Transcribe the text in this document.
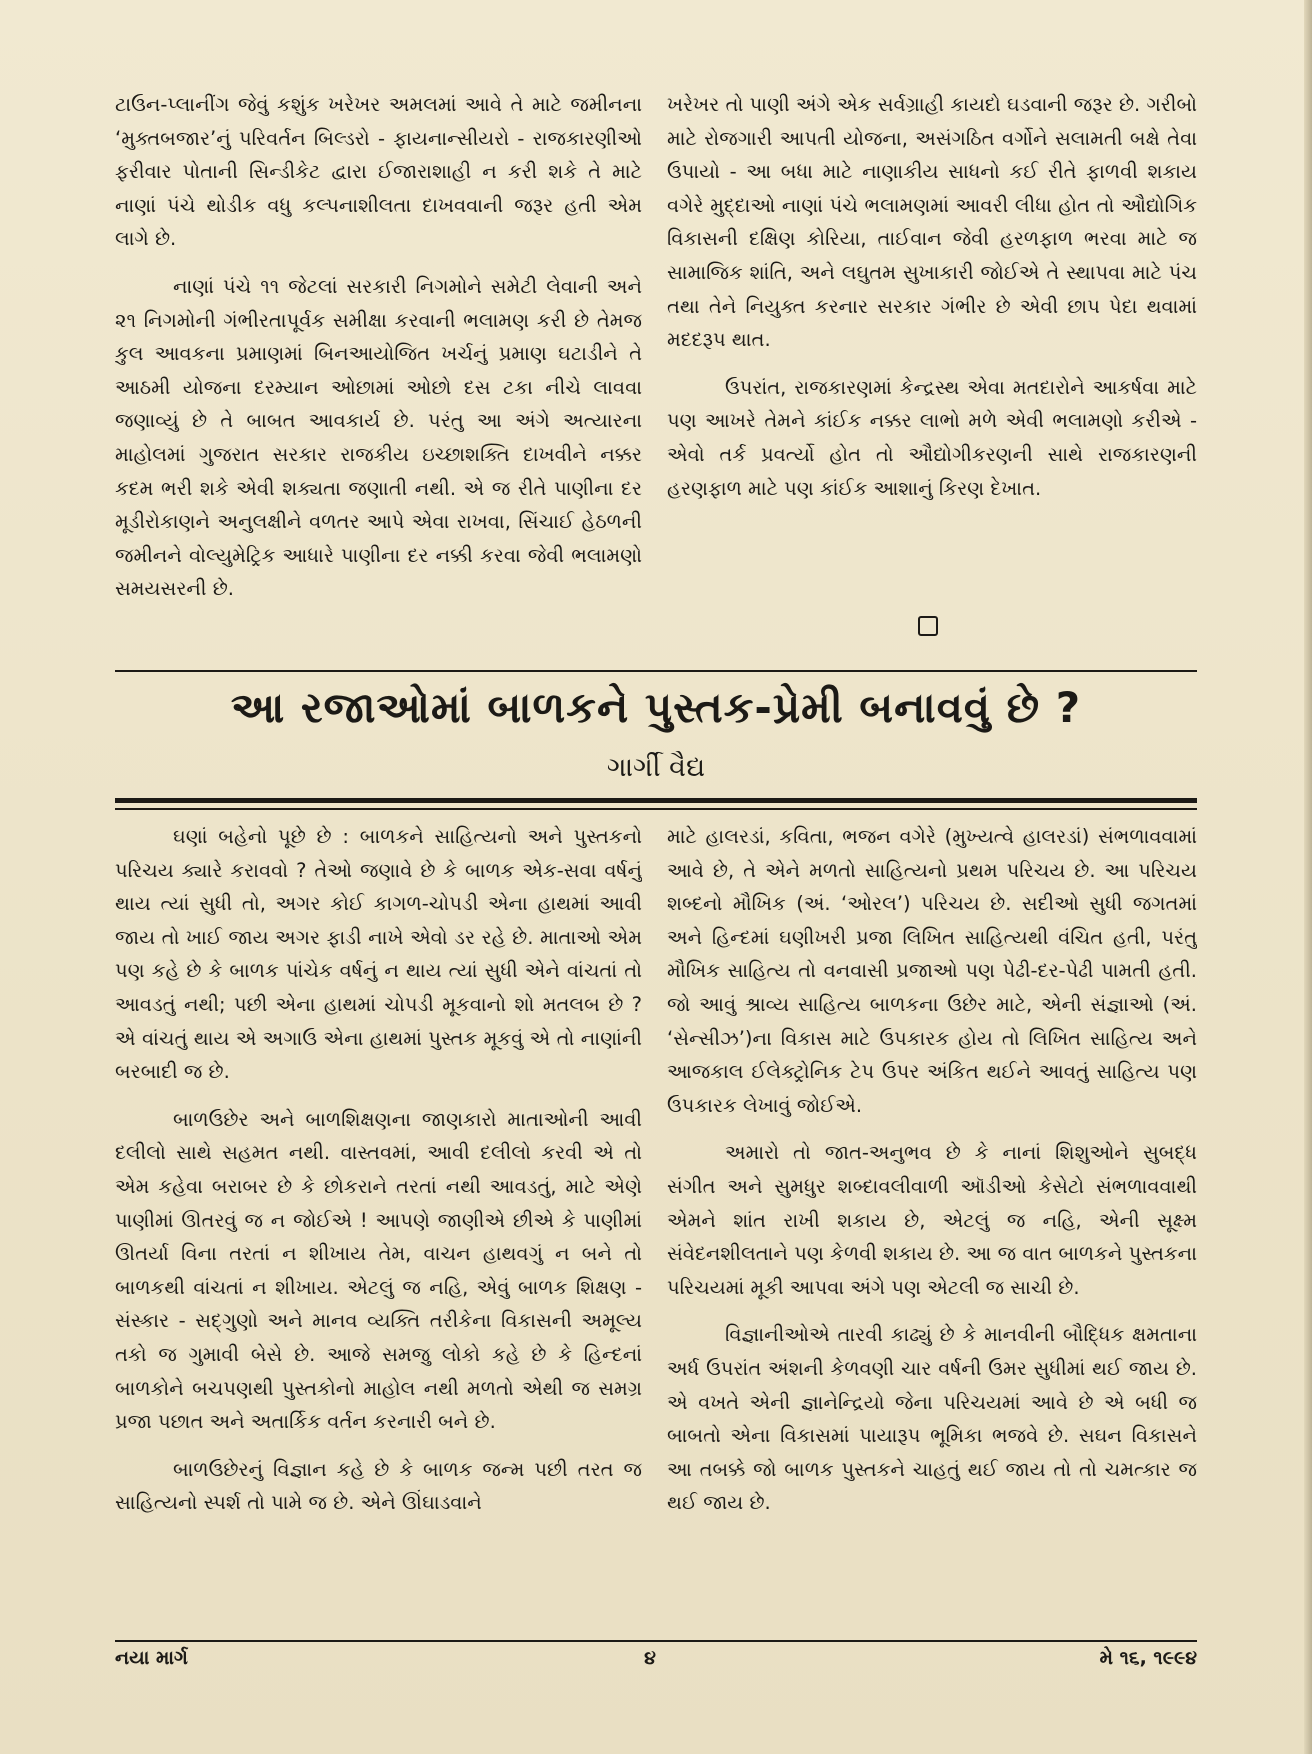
ટાઉન-પ્લાનીંગ જેવું કશુંક ખરેખર અમલમાં આવે તે માટે જમીનના ‘મુક્તબજાર’નું પરિવર્તન બિલ્ડરો - ફાયનાન્સીયરો - રાજકારણીઓ ફરીવાર પોતાની સિન્ડીકેટ દ્વારા ઈજારાશાહી ન કરી શકે તે માટે નાણાં પંચે થોડીક વધુ કલ્પનાશીલતા દાખવવાની જરૂર હતી એમ લાગે છે.

નાણાં પંચે ૧૧ જેટલાં સરકારી નિગમોને સમેટી લેવાની અને ૨૧ નિગમોની ગંભીરતાપૂર્વક સમીક્ષા કરવાની ભલામણ કરી છે તેમજ કુલ આવકના પ્રમાણમાં બિનઆયોજિત ખર્ચનું પ્રમાણ ઘટાડીને તે આઠમી યોજના દરમ્યાન ઓછામાં ઓછો દસ ટકા નીચે લાવવા જણાવ્યું છે તે બાબત આવકાર્ય છે. પરંતુ આ અંગે અત્યારના માહોલમાં ગુજરાત સરકાર રાજકીય ઇચ્છાશક્તિ દાખવીને નક્કર કદમ ભરી શકે એવી શક્યતા જણાતી નથી. એ જ રીતે પાણીના દર મૂડીરોકાણને અનુલક્ષીને વળતર આપે એવા રાખવા, સિંચાઈ હેઠળની જમીનને વોલ્યુમેટ્રિક આધારે પાણીના દર નક્કી કરવા જેવી ભલામણો સમયસરની છે.

ખરેખર તો પાણી અંગે એક સર્વગ્રાહી કાયદો ઘડવાની જરૂર છે. ગરીબો માટે રોજગારી આપતી યોજના, અસંગઠિત વર્ગોને સલામતી બક્ષે તેવા ઉપાયો - આ બધા માટે નાણાકીય સાધનો કઈ રીતે ફાળવી શકાય વગેરે મુદ્દાઓ નાણાં પંચે ભલામણમાં આવરી લીધા હોત તો ઔદ્યોગિક વિકાસની દક્ષિણ કોરિયા, તાઈવાન જેવી હરળફાળ ભરવા માટે જ સામાજિક શાંતિ, અને લઘુતમ સુખાકારી જોઈએ તે સ્થાપવા માટે પંચ તથા તેને નિયુક્ત કરનાર સરકાર ગંભીર છે એવી છાપ પેદા થવામાં મદદરૂપ થાત.

ઉપરાંત, રાજકારણમાં કેન્દ્રસ્થ એવા મતદારોને આકર્ષવા માટે પણ આખરે તેમને કાંઈક નક્કર લાભો મળે એવી ભલામણો કરીએ - એવો તર્ક પ્રવર્ત્યો હોત તો ઔદ્યોગીકરણની સાથે રાજકારણની હરણફાળ માટે પણ કાંઈક આશાનું કિરણ દેખાત.

આ રજાઓમાં બાળકને પુસ્તક-પ્રેમી બનાવવું છે ?
ગાર્ગી વૈદ્ય

ઘણાં બહેનો પૂછે છે : બાળકને સાહિત્યનો અને પુસ્તકનો પરિચય ક્યારે કરાવવો ? તેઓ જણાવે છે કે બાળક એક-સવા વર્ષનું થાય ત્યાં સુધી તો, અગર કોઈ કાગળ-ચોપડી એના હાથમાં આવી જાય તો ખાઈ જાય અગર ફાડી નાખે એવો ડર રહે છે. માતાઓ એમ પણ કહે છે કે બાળક પાંચેક વર્ષનું ન થાય ત્યાં સુધી એને વાંચતાં તો આવડતું નથી; પછી એના હાથમાં ચોપડી મૂકવાનો શો મતલબ છે ? એ વાંચતું થાય એ અગાઉ એના હાથમાં પુસ્તક મૂકવું એ તો નાણાંની બરબાદી જ છે.

બાળઉછેર અને બાળશિક્ષણના જાણકારો માતાઓની આવી દલીલો સાથે સહમત નથી. વાસ્તવમાં, આવી દલીલો કરવી એ તો એમ કહેવા બરાબર છે કે છોકરાને તરતાં નથી આવડતું, માટે એણે પાણીમાં ઊતરવું જ ન જોઈએ ! આપણે જાણીએ છીએ કે પાણીમાં ઊતર્યા વિના તરતાં ન શીખાય તેમ, વાચન હાથવગું ન બને તો બાળકથી વાંચતાં ન શીખાય. એટલું જ નહિ, એવું બાળક શિક્ષણ - સંસ્કાર - સદ્ગુણો અને માનવ વ્યક્તિ તરીકેના વિકાસની અમૂલ્ય તકો જ ગુમાવી બેસે છે. આજે સમજુ લોકો કહે છે કે હિન્દનાં બાળકોને બચપણથી પુસ્તકોનો માહોલ નથી મળતો એથી જ સમગ્ર પ્રજા પછાત અને અતાર્કિક વર્તન કરનારી બને છે.

બાળઉછેરનું વિજ્ઞાન કહે છે કે બાળક જન્મ પછી તરત જ સાહિત્યનો સ્પર્શ તો પામે જ છે. એને ઊંઘાડવાને

માટે હાલરડાં, કવિતા, ભજન વગેરે (મુખ્યત્વે હાલરડાં) સંભળાવવામાં આવે છે, તે એને મળતો સાહિત્યનો પ્રથમ પરિચય છે. આ પરિચય શબ્દનો મૌખિક (અં. ‘ઓરલ’) પરિચય છે. સદીઓ સુધી જગતમાં અને હિન્દમાં ઘણીખરી પ્રજા લિખિત સાહિત્યથી વંચિત હતી, પરંતુ મૌખિક સાહિત્ય તો વનવાસી પ્રજાઓ પણ પેઢી-દર-પેઢી પામતી હતી. જો આવું શ્રાવ્ય સાહિત્ય બાળકના ઉછેર માટે, એની સંજ્ઞાઓ (અં. ‘સેન્સીઝ’)ના વિકાસ માટે ઉપકારક હોય તો લિખિત સાહિત્ય અને આજકાલ ઈલેક્ટ્રોનિક ટેપ ઉપર અંકિત થઈને આવતું સાહિત્ય પણ ઉપકારક લેખાવું જોઈએ.

અમારો તો જાત-અનુભવ છે કે નાનાં શિશુઓને સુબદ્ધ સંગીત અને સુમધુર શબ્દાવલીવાળી ઑડીઓ કેસેટો સંભળાવવાથી એમને શાંત રાખી શકાય છે, એટલું જ નહિ, એની સૂક્ષ્મ સંવેદનશીલતાને પણ કેળવી શકાય છે. આ જ વાત બાળકને પુસ્તકના પરિચયમાં મૂકી આપવા અંગે પણ એટલી જ સાચી છે.

વિજ્ઞાનીઓએ તારવી કાઢ્યું છે કે માનવીની બૌદ્ધિક ક્ષમતાના અર્ધ ઉપરાંત અંશની કેળવણી ચાર વર્ષની ઉમર સુધીમાં થઈ જાય છે. એ વખતે એની જ્ઞાનેન્દ્રિયો જેના પરિચયમાં આવે છે એ બધી જ બાબતો એના વિકાસમાં પાયારૂપ ભૂમિકા ભજવે છે. સઘન વિકાસને આ તબક્કે જો બાળક પુસ્તકને ચાહતું થઈ જાય તો તો ચમત્કાર જ થઈ જાય છે.

નયા માર્ગ	૪	મે ૧૬, ૧૯૯૪
